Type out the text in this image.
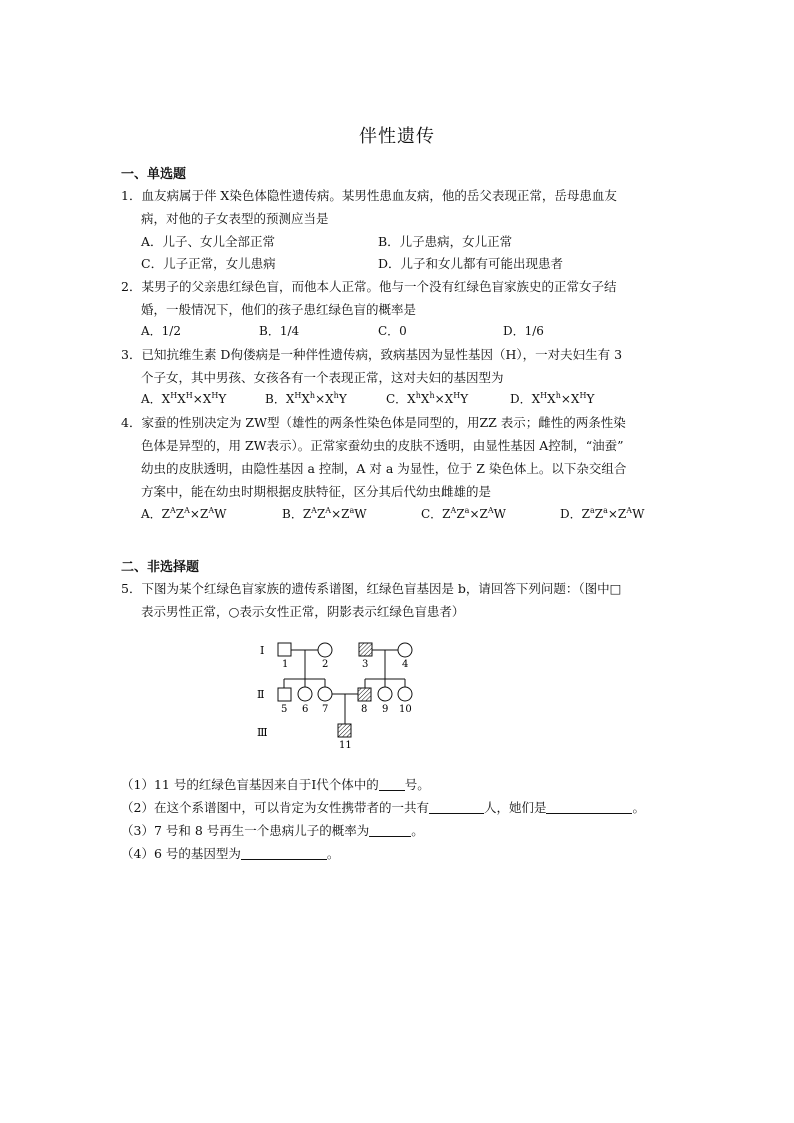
伴性遗传
一、单选题
1．血友病属于伴 X染色体隐性遗传病。某男性患血友病，他的岳父表现正常，岳母患血友
病，对他的子女表型的预测应当是
A．儿子、女儿全部正常	B．儿子患病，女儿正常
C．儿子正常，女儿患病	D．儿子和女儿都有可能出现患者
2．某男子的父亲患红绿色盲，而他本人正常。他与一个没有红绿色盲家族史的正常女子结
婚，一般情况下，他们的孩子患红绿色盲的概率是
A．1/2	B．1/4	C．0	D．1/6
3．已知抗维生素 D佝偻病是一种伴性遗传病，致病基因为显性基因（H），一对夫妇生有 3
个子女，其中男孩、女孩各有一个表现正常，这对夫妇的基因型为
A．$X^HX^H\times X^HY$	B．$X^HX^h\times X^hY$	C．$X^hX^h\times X^HY$	D．$X^HX^h\times X^HY$
4．家蚕的性别决定为 ZW型（雄性的两条性染色体是同型的，用ZZ 表示；雌性的两条性染
色体是异型的，用 ZW表示）。正常家蚕幼虫的皮肤不透明，由显性基因 A控制，“油蚕”
幼虫的皮肤透明，由隐性基因 a 控制，A 对 a 为显性，位于 Z 染色体上。以下杂交组合
方案中，能在幼虫时期根据皮肤特征，区分其后代幼虫雌雄的是
A．$Z^AZ^A\times Z^AW$	B．$Z^AZ^A\times Z^aW$	C．$Z^AZ^a\times Z^AW$	D．$Z^aZ^a\times Z^AW$
二、非选择题
5．下图为某个红绿色盲家族的遗传系谱图，红绿色盲基因是 b，请回答下列问题：（图中□
表示男性正常，○表示女性正常，阴影表示红绿色盲患者）
Ⅰ
Ⅱ
Ⅲ
1	2	3	4
5 6 7	8 9 10
11
（1）11 号的红绿色盲基因来自于Ⅰ代个体中的 号。
（2）在这个系谱图中，可以肯定为女性携带者的一共有	人，她们是	。
（3）7 号和 8 号再生一个患病儿子的概率为	。
（4）6 号的基因型为	。
